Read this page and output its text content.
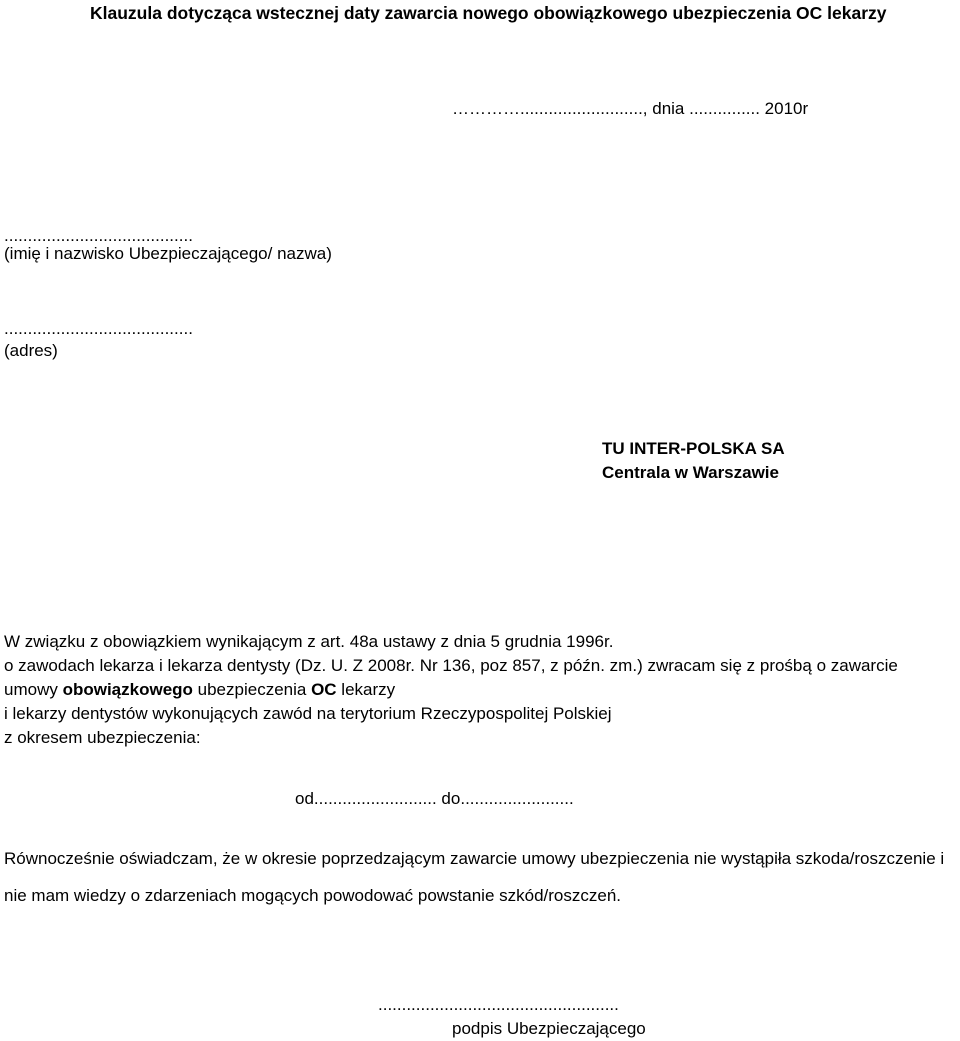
Klauzula dotycząca wstecznej daty zawarcia nowego obowiązkowego ubezpieczenia OC lekarzy
………….........................., dnia ............... 2010r
........................................
(imię i nazwisko Ubezpieczającego/ nazwa)
........................................
(adres)
TU INTER-POLSKA SA
Centrala w Warszawie
W związku z obowiązkiem wynikającym z art. 48a ustawy z dnia 5 grudnia 1996r.
o zawodach lekarza i lekarza dentysty (Dz. U. Z 2008r. Nr 136, poz 857, z późn. zm.) zwracam się z prośbą o zawarcie
umowy obowiązkowego ubezpieczenia OC lekarzy
i lekarzy dentystów wykonujących zawód na terytorium Rzeczypospolitej Polskiej
z okresem ubezpieczenia:
od.......................... do........................
Równocześnie oświadczam, że w okresie poprzedzającym zawarcie umowy ubezpieczenia nie wystąpiła szkoda/roszczenie i
nie mam wiedzy o zdarzeniach mogących powodować powstanie szkód/roszczeń.
...................................................
podpis Ubezpieczającego
